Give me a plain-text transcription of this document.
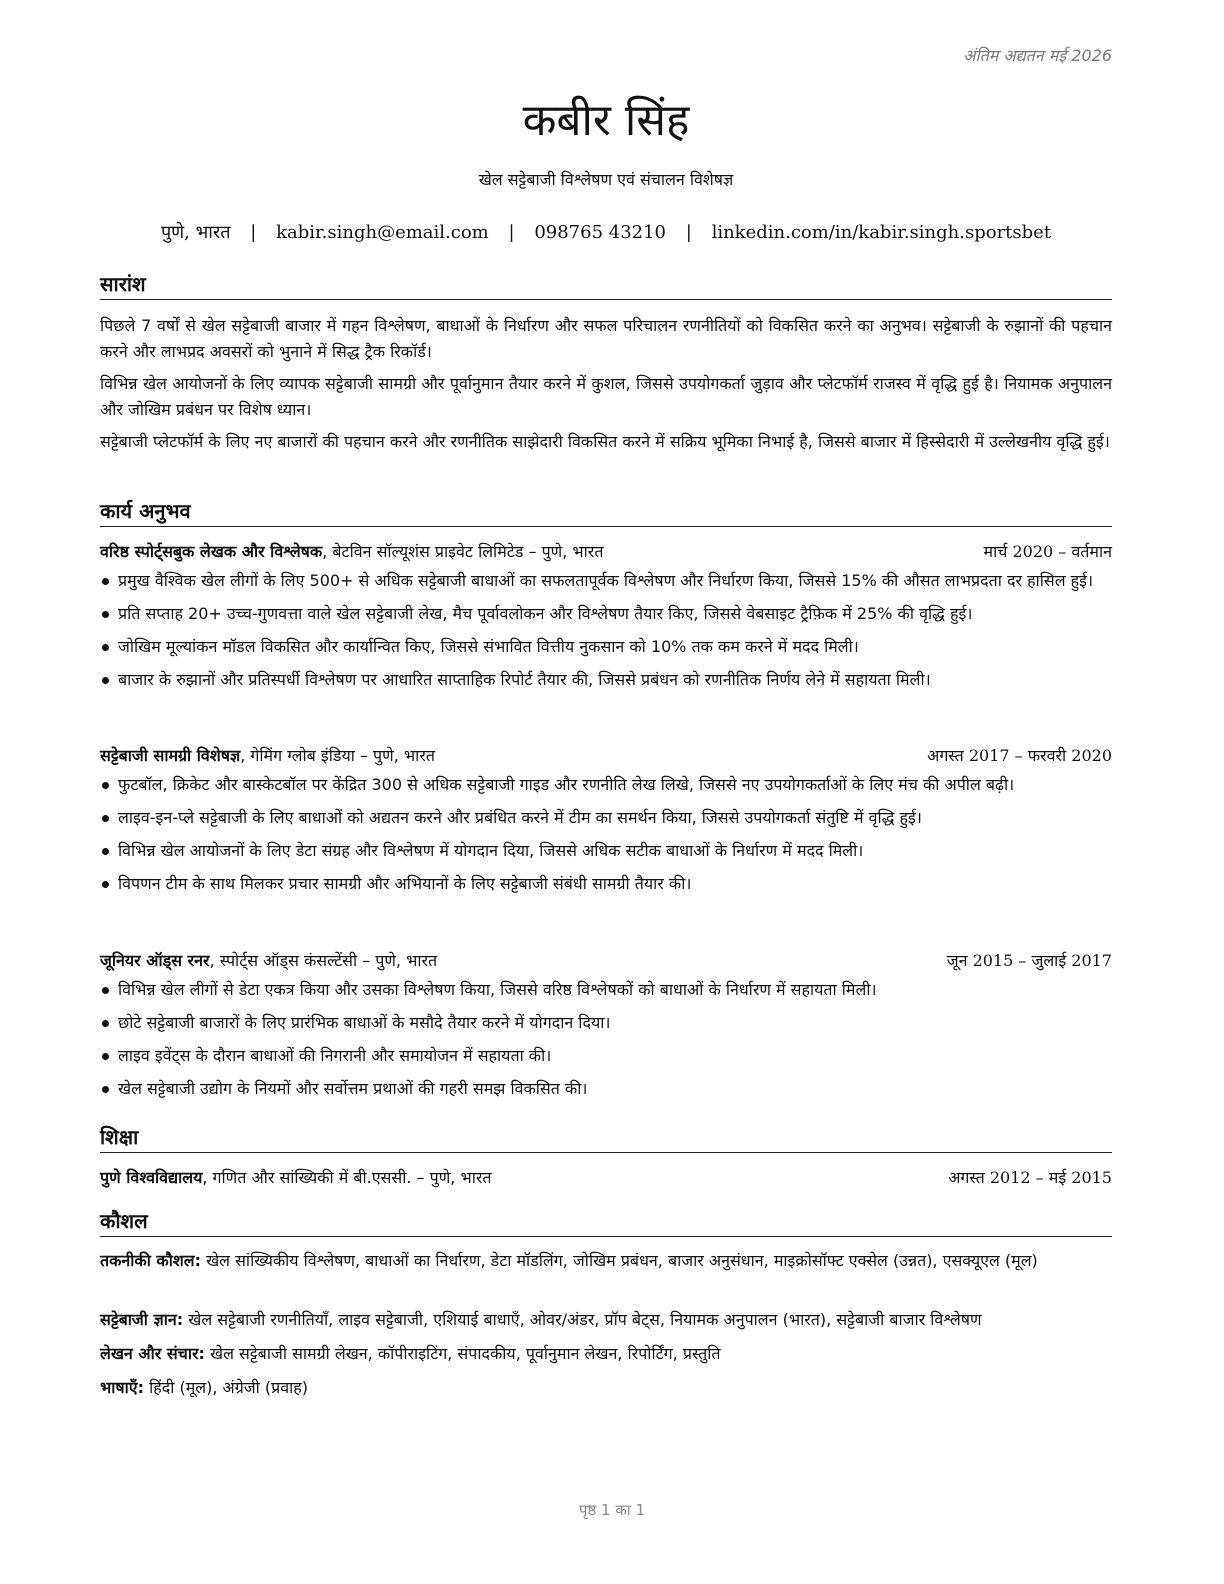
अंतिम अद्यतन मई 2026
कबीर सिंह
खेल सट्टेबाजी विश्लेषण एवं संचालन विशेषज्ञ
पुणे, भारत | kabir.singh@email.com | 098765 43210 | linkedin.com/in/kabir.singh.sportsbet
सारांश

पिछले 7 वर्षों से खेल सट्टेबाजी बाजार में गहन विश्लेषण, बाधाओं के निर्धारण और सफल परिचालन रणनीतियों को विकसित करने का अनुभव। सट्टेबाजी के रुझानों की पहचान करने और लाभप्रद अवसरों को भुनाने में सिद्ध ट्रैक रिकॉर्ड।

विभिन्न खेल आयोजनों के लिए व्यापक सट्टेबाजी सामग्री और पूर्वानुमान तैयार करने में कुशल, जिससे उपयोगकर्ता जुड़ाव और प्लेटफॉर्म राजस्व में वृद्धि हुई है। नियामक अनुपालन और जोखिम प्रबंधन पर विशेष ध्यान।

सट्टेबाजी प्लेटफॉर्म के लिए नए बाजारों की पहचान करने और रणनीतिक साझेदारी विकसित करने में सक्रिय भूमिका निभाई है, जिससे बाजार में हिस्सेदारी में उल्लेखनीय वृद्धि हुई।

कार्य अनुभव
वरिष्ठ स्पोर्ट्सबुक लेखक और विश्लेषक, बेटविन सॉल्यूशंस प्राइवेट लिमिटेड – पुणे, भारत	मार्च 2020 – वर्तमान
प्रमुख वैश्विक खेल लीगों के लिए 500+ से अधिक सट्टेबाजी बाधाओं का सफलतापूर्वक विश्लेषण और निर्धारण किया, जिससे 15% की औसत लाभप्रदता दर हासिल हुई।
प्रति सप्ताह 20+ उच्च-गुणवत्ता वाले खेल सट्टेबाजी लेख, मैच पूर्वावलोकन और विश्लेषण तैयार किए, जिससे वेबसाइट ट्रैफ़िक में 25% की वृद्धि हुई।
जोखिम मूल्यांकन मॉडल विकसित और कार्यान्वित किए, जिससे संभावित वित्तीय नुकसान को 10% तक कम करने में मदद मिली।
बाजार के रुझानों और प्रतिस्पर्धी विश्लेषण पर आधारित साप्ताहिक रिपोर्ट तैयार की, जिससे प्रबंधन को रणनीतिक निर्णय लेने में सहायता मिली।
सट्टेबाजी सामग्री विशेषज्ञ, गेमिंग ग्लोब इंडिया – पुणे, भारत	अगस्त 2017 – फरवरी 2020
फुटबॉल, क्रिकेट और बास्केटबॉल पर केंद्रित 300 से अधिक सट्टेबाजी गाइड और रणनीति लेख लिखे, जिससे नए उपयोगकर्ताओं के लिए मंच की अपील बढ़ी।
लाइव-इन-प्ले सट्टेबाजी के लिए बाधाओं को अद्यतन करने और प्रबंधित करने में टीम का समर्थन किया, जिससे उपयोगकर्ता संतुष्टि में वृद्धि हुई।
विभिन्न खेल आयोजनों के लिए डेटा संग्रह और विश्लेषण में योगदान दिया, जिससे अधिक सटीक बाधाओं के निर्धारण में मदद मिली।
विपणन टीम के साथ मिलकर प्रचार सामग्री और अभियानों के लिए सट्टेबाजी संबंधी सामग्री तैयार की।
जूनियर ऑड्स रनर, स्पोर्ट्स ऑड्स कंसल्टेंसी – पुणे, भारत	जून 2015 – जुलाई 2017
विभिन्न खेल लीगों से डेटा एकत्र किया और उसका विश्लेषण किया, जिससे वरिष्ठ विश्लेषकों को बाधाओं के निर्धारण में सहायता मिली।
छोटे सट्टेबाजी बाजारों के लिए प्रारंभिक बाधाओं के मसौदे तैयार करने में योगदान दिया।
लाइव इवेंट्स के दौरान बाधाओं की निगरानी और समायोजन में सहायता की।
खेल सट्टेबाजी उद्योग के नियमों और सर्वोत्तम प्रथाओं की गहरी समझ विकसित की।
शिक्षा
पुणे विश्वविद्यालय, गणित और सांख्यिकी में बी.एससी. – पुणे, भारत	अगस्त 2012 – मई 2015
कौशल
तकनीकी कौशल: खेल सांख्यिकीय विश्लेषण, बाधाओं का निर्धारण, डेटा मॉडलिंग, जोखिम प्रबंधन, बाजार अनुसंधान, माइक्रोसॉफ्ट एक्सेल (उन्नत), एसक्यूएल (मूल)
सट्टेबाजी ज्ञान: खेल सट्टेबाजी रणनीतियाँ, लाइव सट्टेबाजी, एशियाई बाधाएँ, ओवर/अंडर, प्रॉप बेट्स, नियामक अनुपालन (भारत), सट्टेबाजी बाजार विश्लेषण
लेखन और संचार: खेल सट्टेबाजी सामग्री लेखन, कॉपीराइटिंग, संपादकीय, पूर्वानुमान लेखन, रिपोर्टिंग, प्रस्तुति
भाषाएँ: हिंदी (मूल), अंग्रेजी (प्रवाह)
पृष्ठ 1 का 1
